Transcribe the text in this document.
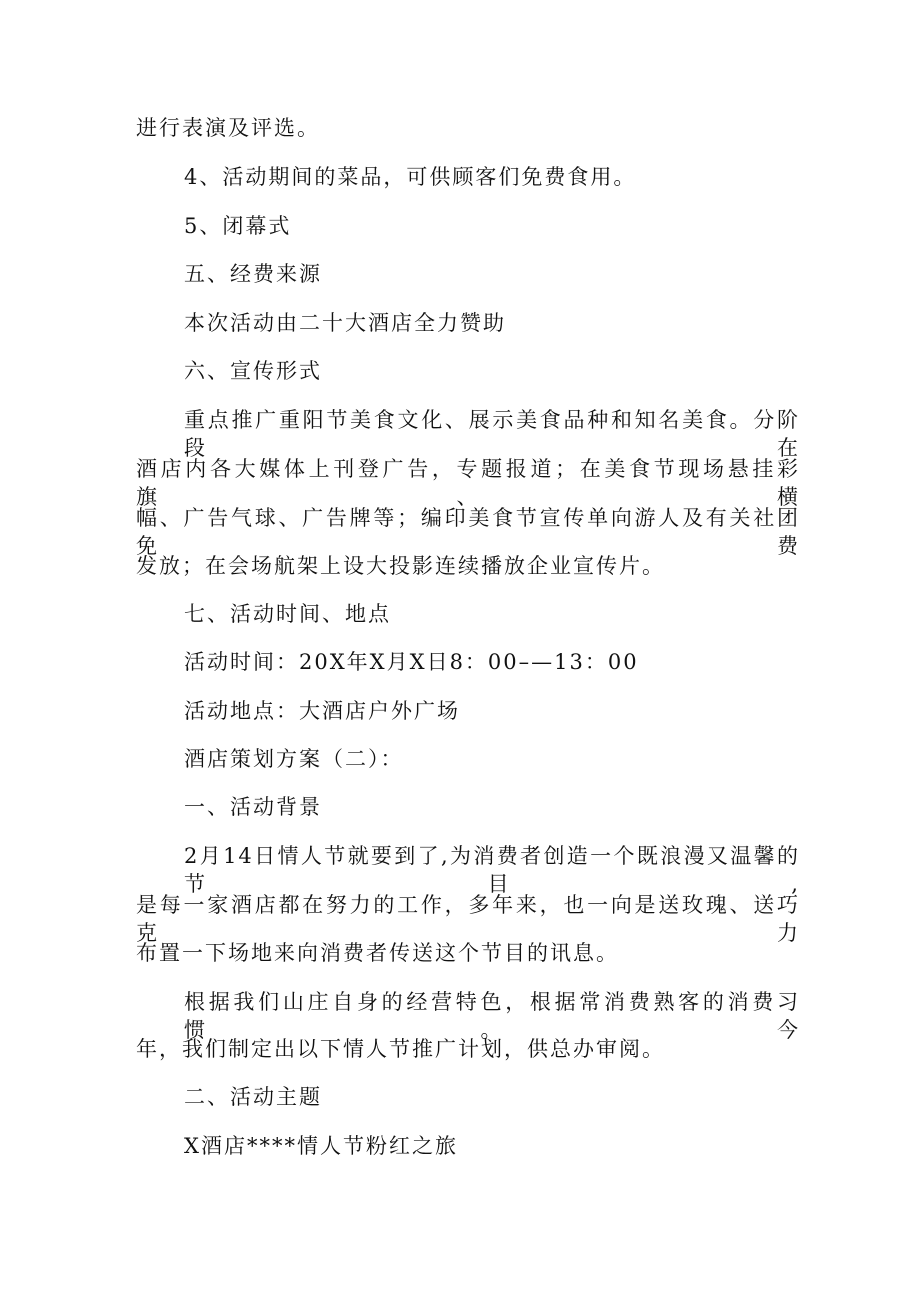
进行表演及评选。
4、活动期间的菜品，可供顾客们免费食用。
5、闭幕式
五、经费来源
本次活动由二十大酒店全力赞助
六、宣传形式
重点推广重阳节美食文化、展示美食品种和知名美食。分阶段在
酒店内各大媒体上刊登广告，专题报道；在美食节现场悬挂彩旗、横
幅、广告气球、广告牌等；编印美食节宣传单向游人及有关社团免费
发放；在会场航架上设大投影连续播放企业宣传片。
七、活动时间、地点
活动时间：20X年X月X日8：00–—13：00
活动地点：大酒店户外广场
酒店策划方案（二）：
一、活动背景
2月14日情人节就要到了,为消费者创造一个既浪漫又温馨的节目,
是每一家酒店都在努力的工作，多年来，也一向是送玫瑰、送巧克力
布置一下场地来向消费者传送这个节目的讯息。
根据我们山庄自身的经营特色，根据常消费熟客的消费习惯。今
年，我们制定出以下情人节推广计划，供总办审阅。
二、活动主题
X酒店****情人节粉红之旅
